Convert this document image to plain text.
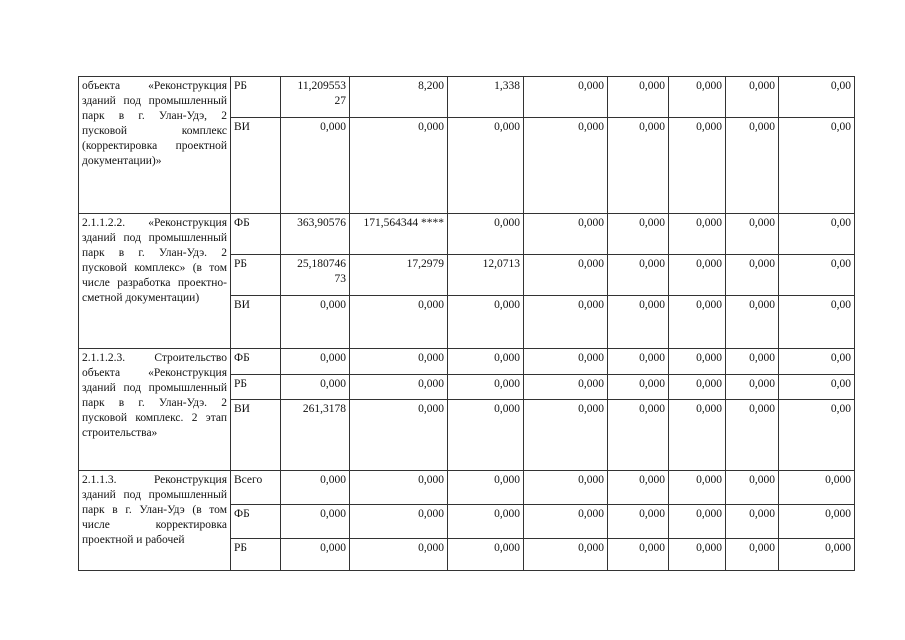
объекта «Реконструкция зданий под промышленный парк в г. Улан-Удэ, 2 пусковой комплекс (корректировка проектной документации)»	РБ	11,209553 27	8,200	1,338	0,000	0,000	0,000	0,000	0,00
	ВИ	0,000	0,000	0,000	0,000	0,000	0,000	0,000	0,00
2.1.1.2.2. «Реконструкция зданий под промышленный парк в г. Улан-Удэ. 2 пусковой комплекс» (в том числе разработка проектно-сметной документации)	ФБ	363,90576	171,564344 ****	0,000	0,000	0,000	0,000	0,000	0,00
	РБ	25,180746 73	17,2979	12,0713	0,000	0,000	0,000	0,000	0,00
	ВИ	0,000	0,000	0,000	0,000	0,000	0,000	0,000	0,00
2.1.1.2.3. Строительство объекта «Реконструкция зданий под промышленный парк в г. Улан-Удэ. 2 пусковой комплекс. 2 этап строительства»	ФБ	0,000	0,000	0,000	0,000	0,000	0,000	0,000	0,00
	РБ	0,000	0,000	0,000	0,000	0,000	0,000	0,000	0,00
	ВИ	261,3178	0,000	0,000	0,000	0,000	0,000	0,000	0,00
2.1.1.3. Реконструкция зданий под промышленный парк в г. Улан-Удэ (в том числе корректировка проектной и рабочей	Всего	0,000	0,000	0,000	0,000	0,000	0,000	0,000	0,000
	ФБ	0,000	0,000	0,000	0,000	0,000	0,000	0,000	0,000
	РБ	0,000	0,000	0,000	0,000	0,000	0,000	0,000	0,000
